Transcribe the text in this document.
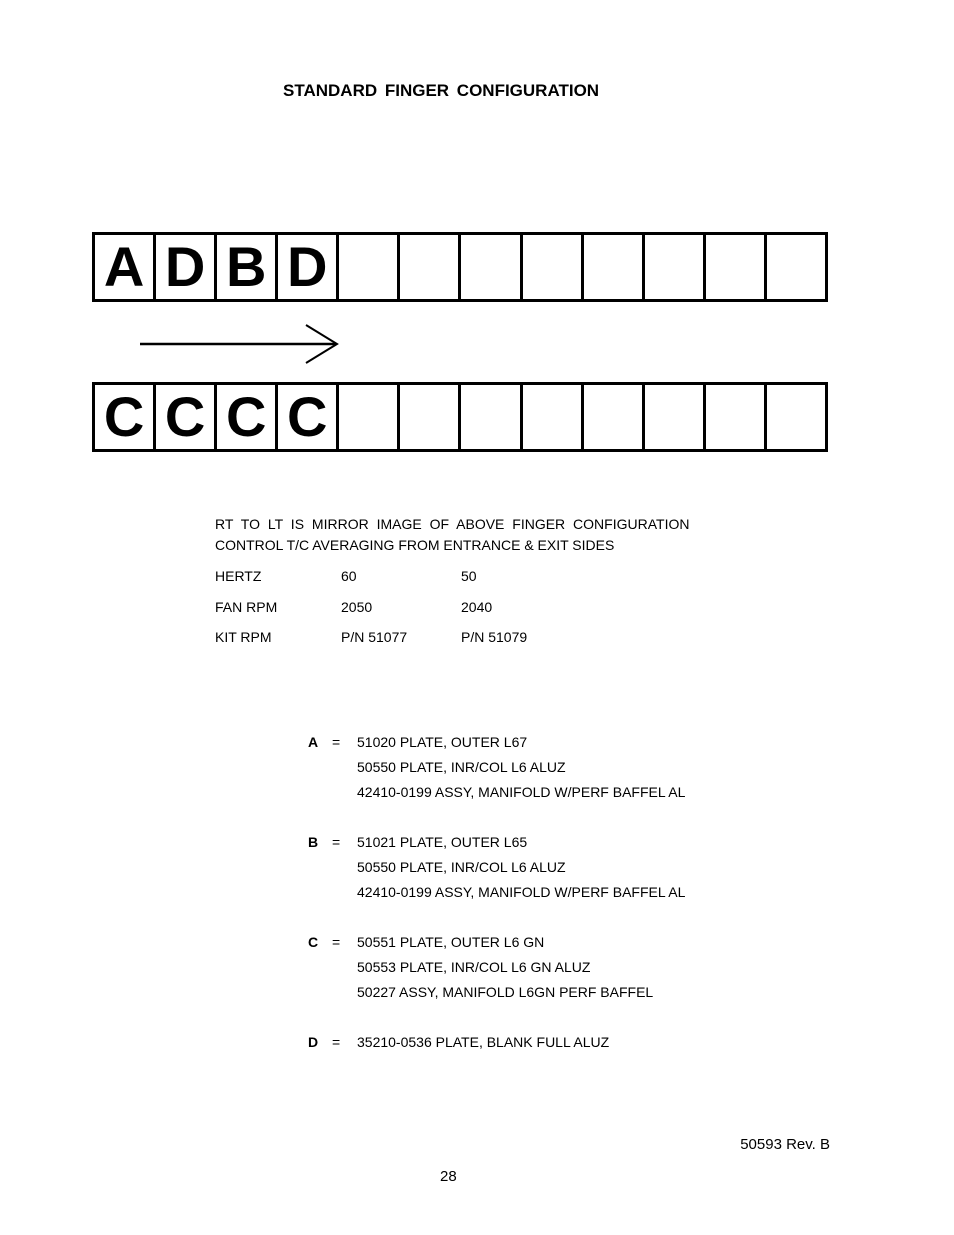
STANDARD FINGER CONFIGURATION
A D B D
C C C C
RT TO LT IS MIRROR IMAGE OF ABOVE FINGER CONFIGURATION
CONTROL T/C AVERAGING FROM ENTRANCE & EXIT SIDES
HERTZ	60	50
FAN RPM	2050	2040
KIT RPM	P/N 51077	P/N 51079
A = 51020 PLATE, OUTER L67
50550 PLATE, INR/COL L6 ALUZ
42410-0199 ASSY, MANIFOLD W/PERF BAFFEL AL
B = 51021 PLATE, OUTER L65
50550 PLATE, INR/COL L6 ALUZ
42410-0199 ASSY, MANIFOLD W/PERF BAFFEL AL
C = 50551 PLATE, OUTER L6 GN
50553 PLATE, INR/COL L6 GN ALUZ
50227 ASSY, MANIFOLD L6GN PERF BAFFEL
D = 35210-0536 PLATE, BLANK FULL ALUZ
50593 Rev. B
28
